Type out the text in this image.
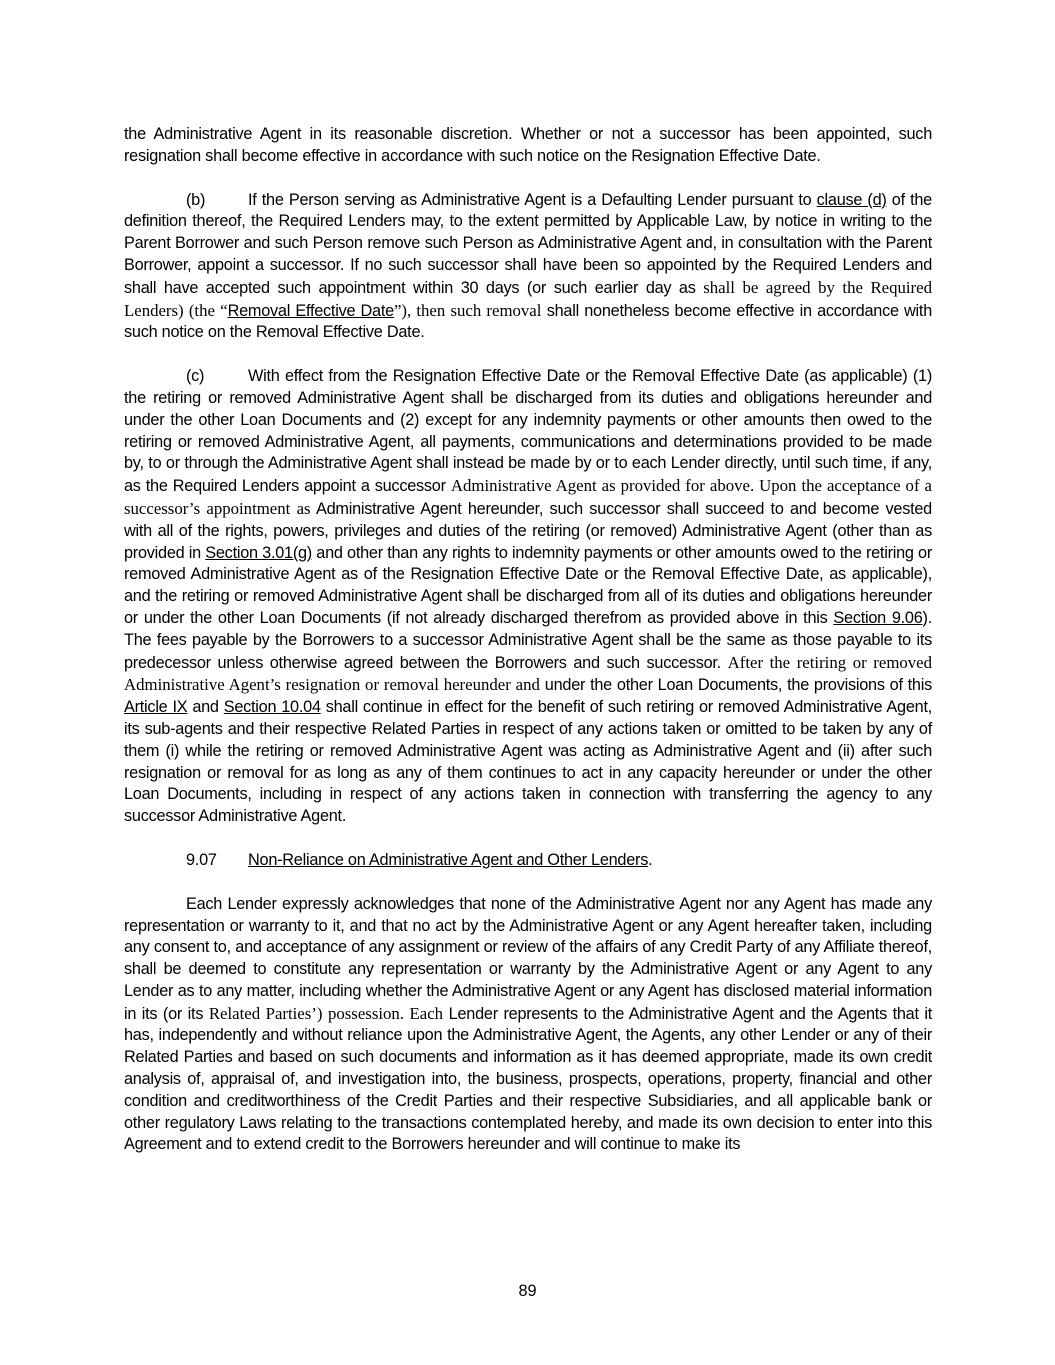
the Administrative Agent in its reasonable discretion. Whether or not a successor has been appointed, such resignation shall become effective in accordance with such notice on the Resignation Effective Date.

(b)	If the Person serving as Administrative Agent is a Defaulting Lender pursuant to clause (d) of the definition thereof, the Required Lenders may, to the extent permitted by Applicable Law, by notice in writing to the Parent Borrower and such Person remove such Person as Administrative Agent and, in consultation with the Parent Borrower, appoint a successor. If no such successor shall have been so appointed by the Required Lenders and shall have accepted such appointment within 30 days (or such earlier day as shall be agreed by the Required Lenders) (the “Removal Effective Date”), then such removal shall nonetheless become effective in accordance with such notice on the Removal Effective Date.

(c)	With effect from the Resignation Effective Date or the Removal Effective Date (as applicable) (1) the retiring or removed Administrative Agent shall be discharged from its duties and obligations hereunder and under the other Loan Documents and (2) except for any indemnity payments or other amounts then owed to the retiring or removed Administrative Agent, all payments, communications and determinations provided to be made by, to or through the Administrative Agent shall instead be made by or to each Lender directly, until such time, if any, as the Required Lenders appoint a successor Administrative Agent as provided for above. Upon the acceptance of a successor’s appointment as Administrative Agent hereunder, such successor shall succeed to and become vested with all of the rights, powers, privileges and duties of the retiring (or removed) Administrative Agent (other than as provided in Section 3.01(g) and other than any rights to indemnity payments or other amounts owed to the retiring or removed Administrative Agent as of the Resignation Effective Date or the Removal Effective Date, as applicable), and the retiring or removed Administrative Agent shall be discharged from all of its duties and obligations hereunder or under the other Loan Documents (if not already discharged therefrom as provided above in this Section 9.06). The fees payable by the Borrowers to a successor Administrative Agent shall be the same as those payable to its predecessor unless otherwise agreed between the Borrowers and such successor. After the retiring or removed Administrative Agent’s resignation or removal hereunder and under the other Loan Documents, the provisions of this Article IX and Section 10.04 shall continue in effect for the benefit of such retiring or removed Administrative Agent, its sub-agents and their respective Related Parties in respect of any actions taken or omitted to be taken by any of them (i) while the retiring or removed Administrative Agent was acting as Administrative Agent and (ii) after such resignation or removal for as long as any of them continues to act in any capacity hereunder or under the other Loan Documents, including in respect of any actions taken in connection with transferring the agency to any successor Administrative Agent.

9.07 Non-Reliance on Administrative Agent and Other Lenders.

Each Lender expressly acknowledges that none of the Administrative Agent nor any Agent has made any representation or warranty to it, and that no act by the Administrative Agent or any Agent hereafter taken, including any consent to, and acceptance of any assignment or review of the affairs of any Credit Party of any Affiliate thereof, shall be deemed to constitute any representation or warranty by the Administrative Agent or any Agent to any Lender as to any matter, including whether the Administrative Agent or any Agent has disclosed material information in its (or its Related Parties’) possession. Each Lender represents to the Administrative Agent and the Agents that it has, independently and without reliance upon the Administrative Agent, the Agents, any other Lender or any of their Related Parties and based on such documents and information as it has deemed appropriate, made its own credit analysis of, appraisal of, and investigation into, the business, prospects, operations, property, financial and other condition and creditworthiness of the Credit Parties and their respective Subsidiaries, and all applicable bank or other regulatory Laws relating to the transactions contemplated hereby, and made its own decision to enter into this Agreement and to extend credit to the Borrowers hereunder and will continue to make its

89
